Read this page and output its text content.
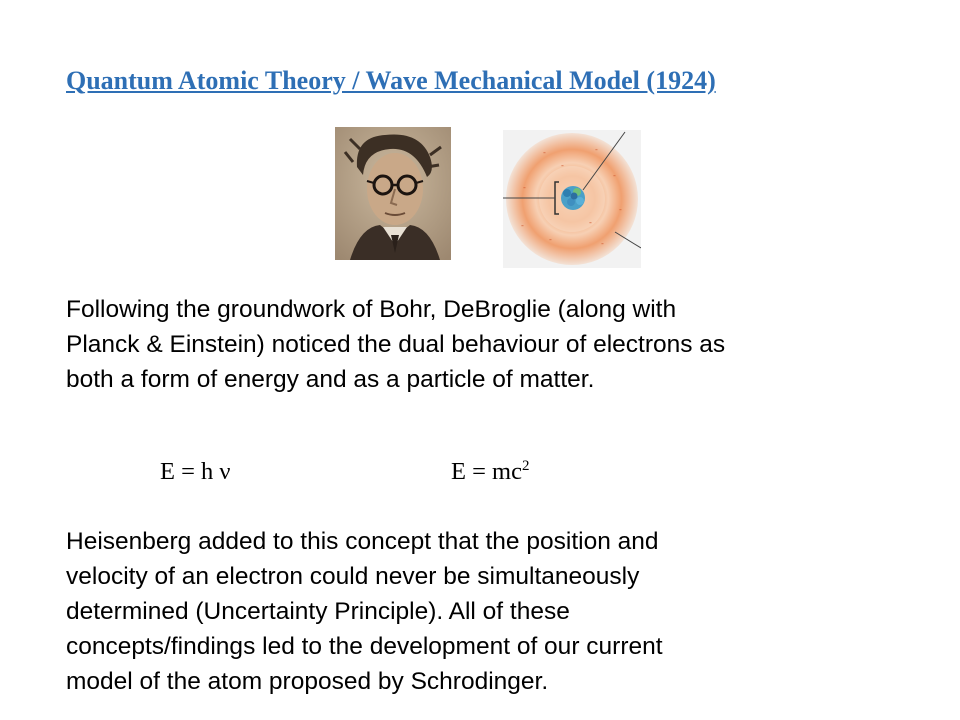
Quantum Atomic Theory / Wave Mechanical Model (1924)
-	-
-
-
-
-	-
-
-
-

Following the groundwork of Bohr, DeBroglie (along with
Planck & Einstein) noticed the dual behaviour of electrons as
both a form of energy and as a particle of matter.

E = h ν	$E = mc^2$

Heisenberg added to this concept that the position and
velocity of an electron could never be simultaneously
determined (Uncertainty Principle). All of these
concepts/findings led to the development of our current
model of the atom proposed by Schrodinger.
